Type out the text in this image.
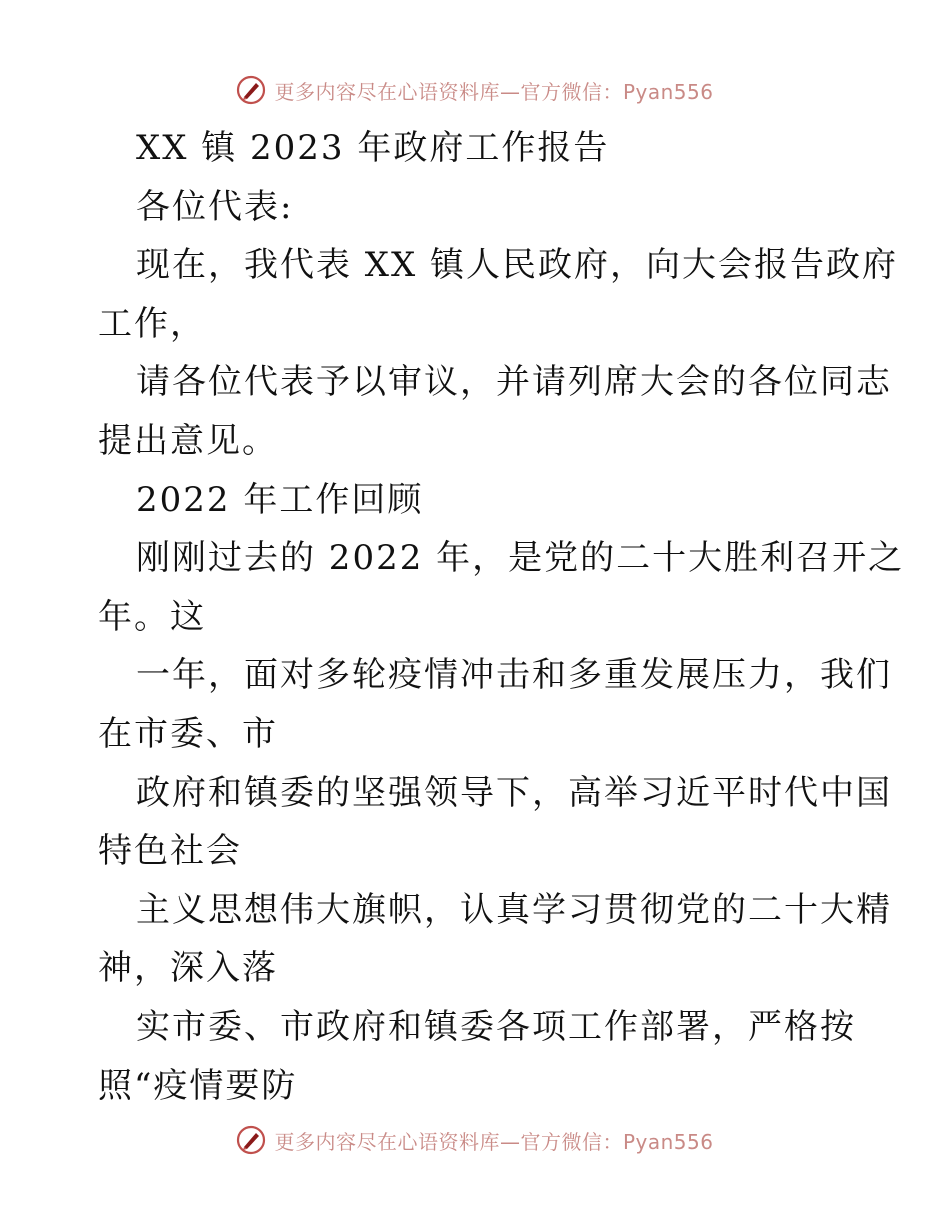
更多内容尽在心语资料库—官方微信：Pyan556
XX 镇 2023 年政府工作报告
各位代表:
现在，我代表 XX 镇人民政府，向大会报告政府
工作，
请各位代表予以审议，并请列席大会的各位同志
提出意见。
2022 年工作回顾
刚刚过去的 2022 年，是党的二十大胜利召开之
年。这
一年，面对多轮疫情冲击和多重发展压力，我们
在市委、市
政府和镇委的坚强领导下，高举习近平时代中国
特色社会
主义思想伟大旗帜，认真学习贯彻党的二十大精
神，深入落
实市委、市政府和镇委各项工作部署，严格按
照“疫情要防
更多内容尽在心语资料库—官方微信：Pyan556
